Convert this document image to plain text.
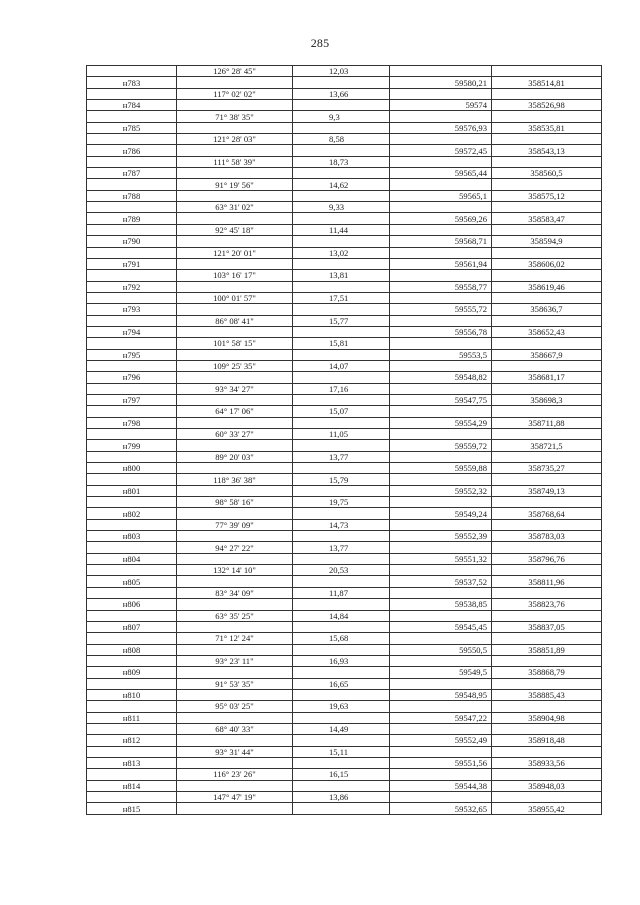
285
	126° 28' 45"	12,03		
н783			59580,21	358514,81
	117° 02' 02"	13,66		
н784			59574	358526,98
	71° 38' 35"	9,3		
н785			59576,93	358535,81
	121° 28' 03"	8,58		
н786			59572,45	358543,13
	111° 58' 39"	18,73		
н787			59565,44	358560,5
	91° 19' 56"	14,62		
н788			59565,1	358575,12
	63° 31' 02"	9,33		
н789			59569,26	358583,47
	92° 45' 18"	11,44		
н790			59568,71	358594,9
	121° 20' 01"	13,02		
н791			59561,94	358606,02
	103° 16' 17"	13,81		
н792			59558,77	358619,46
	100° 01' 57"	17,51		
н793			59555,72	358636,7
	86° 08' 41"	15,77		
н794			59556,78	358652,43
	101° 58' 15"	15,81		
н795			59553,5	358667,9
	109° 25' 35"	14,07		
н796			59548,82	358681,17
	93° 34' 27"	17,16		
н797			59547,75	358698,3
	64° 17' 06"	15,07		
н798			59554,29	358711,88
	60° 33' 27"	11,05		
н799			59559,72	358721,5
	89° 20' 03"	13,77		
н800			59559,88	358735,27
	118° 36' 38"	15,79		
н801			59552,32	358749,13
	98° 58' 16"	19,75		
н802			59549,24	358768,64
	77° 39' 09"	14,73		
н803			59552,39	358783,03
	94° 27' 22"	13,77		
н804			59551,32	358796,76
	132° 14' 10"	20,53		
н805			59537,52	358811,96
	83° 34' 09"	11,87		
н806			59538,85	358823,76
	63° 35' 25"	14,84		
н807			59545,45	358837,05
	71° 12' 24"	15,68		
н808			59550,5	358851,89
	93° 23' 11"	16,93		
н809			59549,5	358868,79
	91° 53' 35"	16,65		
н810			59548,95	358885,43
	95° 03' 25"	19,63		
н811			59547,22	358904,98
	68° 40' 33"	14,49		
н812			59552,49	358918,48
	93° 31' 44"	15,11		
н813			59551,56	358933,56
	116° 23' 26"	16,15		
н814			59544,38	358948,03
	147° 47' 19"	13,86		
н815			59532,65	358955,42
